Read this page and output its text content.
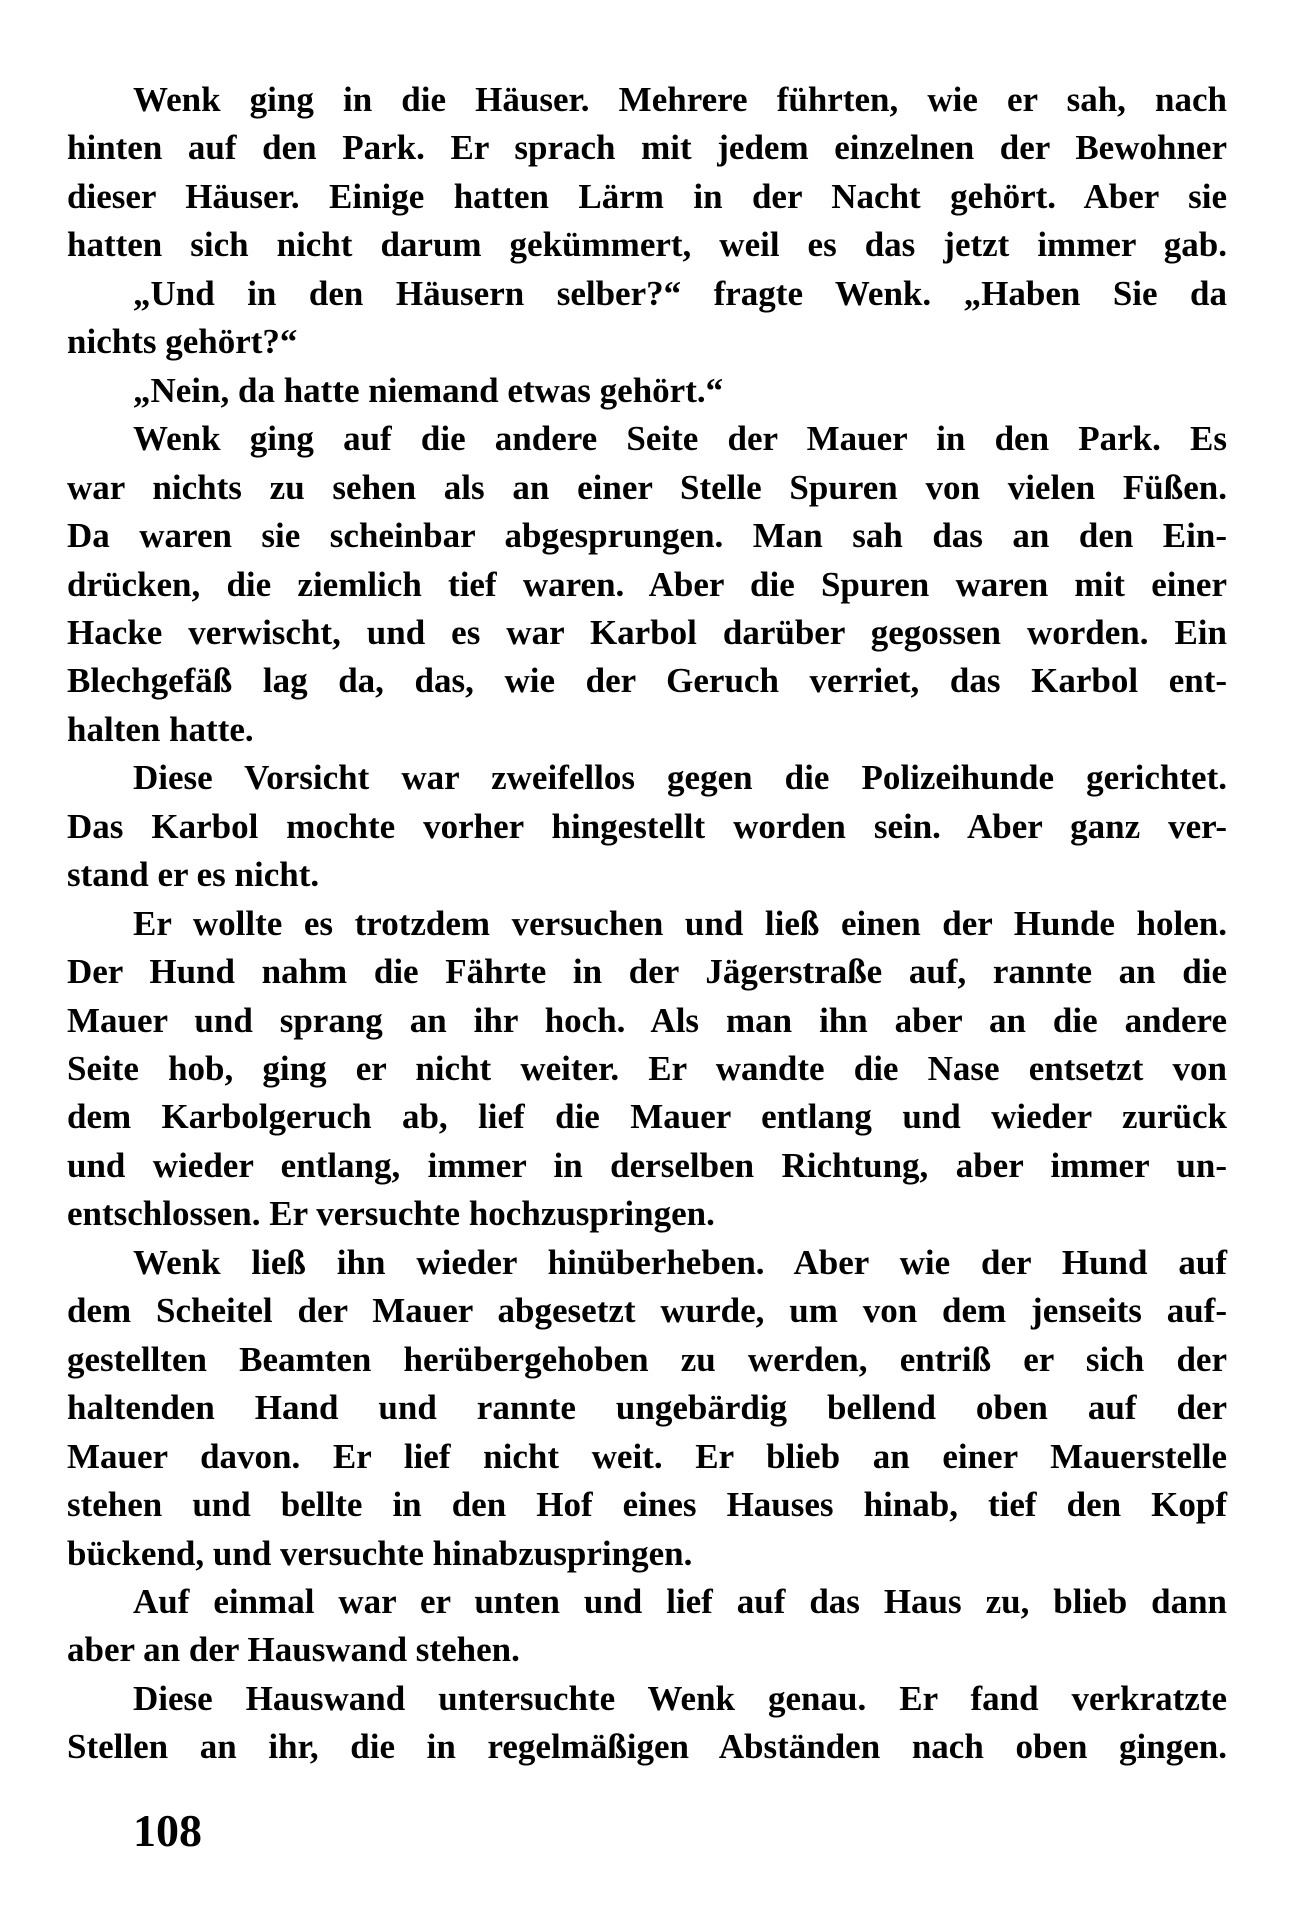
Wenk ging in die Häuser. Mehrere führten, wie er sah, nach
hinten auf den Park. Er sprach mit jedem einzelnen der Bewohner
dieser Häuser. Einige hatten Lärm in der Nacht gehört. Aber sie
hatten sich nicht darum gekümmert, weil es das jetzt immer gab.
„Und in den Häusern selber?“ fragte Wenk. „Haben Sie da
nichts gehört?“
„Nein, da hatte niemand etwas gehört.“
Wenk ging auf die andere Seite der Mauer in den Park. Es
war nichts zu sehen als an einer Stelle Spuren von vielen Füßen.
Da waren sie scheinbar abgesprungen. Man sah das an den Ein-
drücken, die ziemlich tief waren. Aber die Spuren waren mit einer
Hacke verwischt, und es war Karbol darüber gegossen worden. Ein
Blechgefäß lag da, das, wie der Geruch verriet, das Karbol ent-
halten hatte.
Diese Vorsicht war zweifellos gegen die Polizeihunde gerichtet.
Das Karbol mochte vorher hingestellt worden sein. Aber ganz ver-
stand er es nicht.
Er wollte es trotzdem versuchen und ließ einen der Hunde holen.
Der Hund nahm die Fährte in der Jägerstraße auf, rannte an die
Mauer und sprang an ihr hoch. Als man ihn aber an die andere
Seite hob, ging er nicht weiter. Er wandte die Nase entsetzt von
dem Karbolgeruch ab, lief die Mauer entlang und wieder zurück
und wieder entlang, immer in derselben Richtung, aber immer un-
entschlossen. Er versuchte hochzuspringen.
Wenk ließ ihn wieder hinüberheben. Aber wie der Hund auf
dem Scheitel der Mauer abgesetzt wurde, um von dem jenseits auf-
gestellten Beamten herübergehoben zu werden, entriß er sich der
haltenden Hand und rannte ungebärdig bellend oben auf der
Mauer davon. Er lief nicht weit. Er blieb an einer Mauerstelle
stehen und bellte in den Hof eines Hauses hinab, tief den Kopf
bückend, und versuchte hinabzuspringen.
Auf einmal war er unten und lief auf das Haus zu, blieb dann
aber an der Hauswand stehen.
Diese Hauswand untersuchte Wenk genau. Er fand verkratzte
Stellen an ihr, die in regelmäßigen Abständen nach oben gingen.
108
